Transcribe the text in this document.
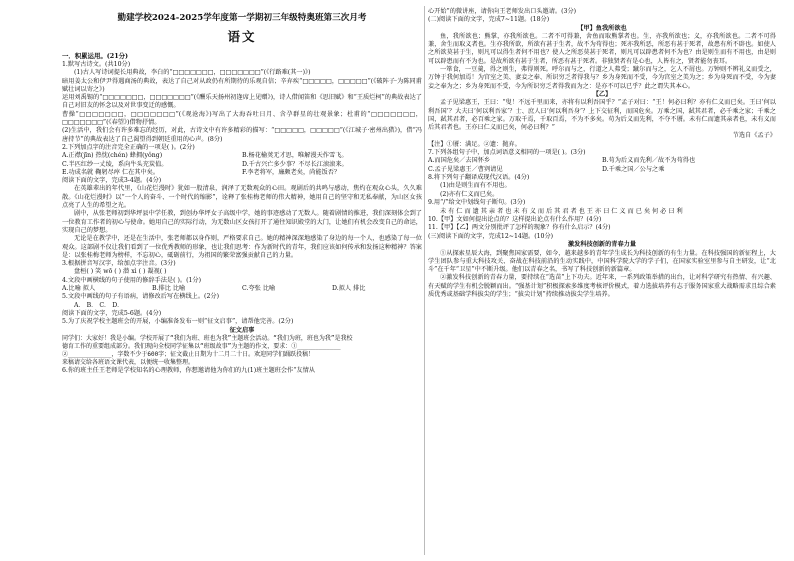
勤建学校2024-2025学年度第一学期初三年级特奥班第三次月考

语文

一．积累运用。(21分)

1.默写古诗文。(共10分)

(1)古人写诗词提长用典故，李白的“□□□□□□□，□□□□□□□”(《行路难(其一)》)

暗用姜太公和伊尹得遇商汤的典故，表达了自己对从政仍有所期待的乐观自信；辛弃疾“□□□□□，□□□□□”(《破阵子·为陈同甫赋壮词以寄之》)

运用刘禹锡的“□□□□□□□，□□□□□□□”(《酬乐天扬州初逢席上见赠》)，诗人借闻笛和《思旧赋》和“王质烂柯”的典故表达了自己对旧友的怀念以及对世事变迁的感慨。

曹操“□□□□□□□，□□□□□□□”(《观沧海》)写出了大海吞吐日月、含孕群星的壮观景象；杜甫的“□□□□□□□，□□□□□□□”(《春望》)借物抒情。

(2)生活中，我们会有许多难忘的经历，对此，古诗文中有许多精彩的描写：“□□□□□，□□□□□”(《江城子·密州出猎》)，借“冯唐持节”的典故表达了自己渴望得到朝廷重用的心声。(8分)

2.下列加点字的注音完全正确的一项是( )。(2分)

A.正襟(jīn) 热忱(chén) 蜂拥(yǒng)	B.杨花榆荚无才思，唯解漫天作雪飞。
C.半匹红纱一丈绫，系向牛头充炭值。	D.千古兴亡多少事？不尽长江滚滚来。
E.功成名就 鞠躬尽瘁 仁在其中矣。	F.李老将军，廉颇老矣，尚能饭否？

阅读下面的文字，完成3-4题。(4分)

在英雄辈出的年代里，《山花烂漫时》犹如一股清泉，润泽了无数观众的心田。观剧后的共鸣与感动，焦灼在观众心头，久久难散。《山花烂漫时》以“一个人的奋斗、一个时代的缩影”，诠释了张桂梅老师的伟大精神，她用自己的坚守和无私奉献，为山区女孩点亮了人生的希望之光。

剧中，从张老师初到华坪县中学任教，到创办华坪女子高级中学，她的事迹感动了无数人。随着剧情的推进，我们深刻体会到了一位教育工作者的初心与使命。她用自己的实际行动，为无数山区女孩打开了通往知识殿堂的大门，让她们有机会改变自己的命运，实现自己的梦想。

无论是在教学中，还是在生活中，张老师都以身作则，严格要求自己。她的精神深深地感染了身边的每一个人，也感染了每一位观众。这部剧不仅让我们看到了一位优秀教师的形象，也让我们思考：作为新时代的青年，我们应该如何传承和发扬这种精神？答案是：以张桂梅老师为榜样，不忘初心，砥砺前行，为祖国的繁荣富强贡献自己的力量。

3.根据拼音写汉字，给加点字注音。(3分)

盘桓( ) 笑 wō ( ) 潜 xì ( ) 凝视( )

4.文段中画横线的句子使用的修辞手法是( )。(1分)

A.比喻 拟人	B.排比 比喻	C.夸张 比喻	D.拟人 排比

5.文段中画线的句子有语病，请修改后写在横线上。(2分)

A． B． C． D．

阅读下面的文字，完成5-6题。(4分)

5.为了庆祝学校主题班会的开展，小编准备发布一则“征文启事”，请帮他完善。(2分)

征文启事

同学们：大家好！我是小编。学校开展了“我们为班、班也为我”主题班会活动。“我们为班，班也为我”是我校

德育工作的重要组成部分。我们现向全校同学征集以“班级故事”为主题的作文，要求：①____________

②____________，字数不少于600字；征文截止日期为十二月二十日。欢迎同学们踊跃投稿！

来稿请交给各班语文课代表，以便统一收集整理。

6.你的班主任王老师是学校知名的心理教师，你想邀请他为你们的九(1)班主题班会作“友情从

心开始”的微讲座，请你向王老师发出口头邀请。(3分)

(二)阅读下面的文字，完成7~11题。(18分)

【甲】鱼我所欲也

鱼，我所欲也；熊掌，亦我所欲也。二者不可得兼，舍鱼而取熊掌者也。生，亦我所欲也；义，亦我所欲也。二者不可得兼，舍生而取义者也。生亦我所欲，所欲有甚于生者，故不为苟得也；死亦我所恶，所恶有甚于死者，故患有所不辟也。如使人之所欲莫甚于生，则凡可以得生者何不用也？使人之所恶莫甚于死者，则凡可以辟患者何不为也？由是则生而有不用也，由是则可以辟患而有不为也。是故所欲有甚于生者，所恶有甚于死者。非独贤者有是心也，人皆有之，贤者能勿丧耳。

一箪食，一豆羹，得之则生，弗得则死。呼尔而与之，行道之人弗受；蹴尔而与之，乞人不屑也。万钟则不辨礼义而受之，万钟于我何加焉！为宫室之美、妻妾之奉、所识穷乏者得我与？乡为身死而不受，今为宫室之美为之；乡为身死而不受，今为妻妾之奉为之；乡为身死而不受，今为所识穷乏者得我而为之：是亦不可以已乎？此之谓失其本心。

【乙】

孟子见梁惠王，王曰：“叟！不远千里而来，亦将有以利吾国乎？”孟子对曰：“王！何必曰利？亦有仁义而已矣。王曰‘何以利吾国’？大夫曰‘何以利吾家’？士、庶人曰‘何以利吾身’？上下交征利，而国危矣。万乘之国，弑其君者，必千乘之家；千乘之国，弑其君者，必百乘之家。万取千焉，千取百焉，不为不多矣。苟为后义而先利，不夺不餍。未有仁而遗其亲者也，未有义而后其君者也。王亦曰仁义而已矣，何必曰利？”

节选自《孟子》

【注】①餍：满足。②遗：抛弃。

7.下列各组句子中，加点词语意义相同的一项是( )。(3分)

A.而国危矣／去国怀乡	B.苟为后义而先利／故不为苟得也
C.孟子见梁惠王／曹刿请见	D.千乘之国／公与之乘

8.将下列句子翻译成现代汉语。(4分)

(1)由是则生而有不用也。

(2)亦有仁义而已矣。

9.用“/”给文中划线句子断句。(3分)

未 有 仁 而 遗 其 亲 者 也 未 有 义 而 后 其 君 者 也 王 亦 曰 仁 义 而 已 矣 何 必 曰 利

10.【甲】文如何提出论点的？这样提出论点有什么作用？(4分)

11.【甲】【乙】两文分别批评了怎样的现象？你有什么启示？(4分)

(三)阅读下面的文字，完成12~14题。(10分)

激发科技创新的青春力量

①从探索星辰大海，到聚焦国家需要，如今，越来越多的青年学生成长为科技创新的有生力量。在科技强国的新征程上，大学生团队参与重大科技攻关、奋战在科技前沿的生动实践中，中国科学院大学的学子们，在国家实验室里参与自主研发，让“北斗”在千年“卫星”中不断升级。他们以青春之名，书写了科技创新的新篇章。

②激发科技创新的青春力量，要持续在“选苗”上下功夫。近年来，一系列政策举措的出台，让对科学研究有热情、有兴趣、有天赋的学生有机会脱颖而出。“强基计划”积极探索多维度考核评价模式，着力选拔培养有志于服务国家重大战略需求且综合素质优秀或基础学科拔尖的学生；“拔尖计划”持续推动拔尖学生培养。
